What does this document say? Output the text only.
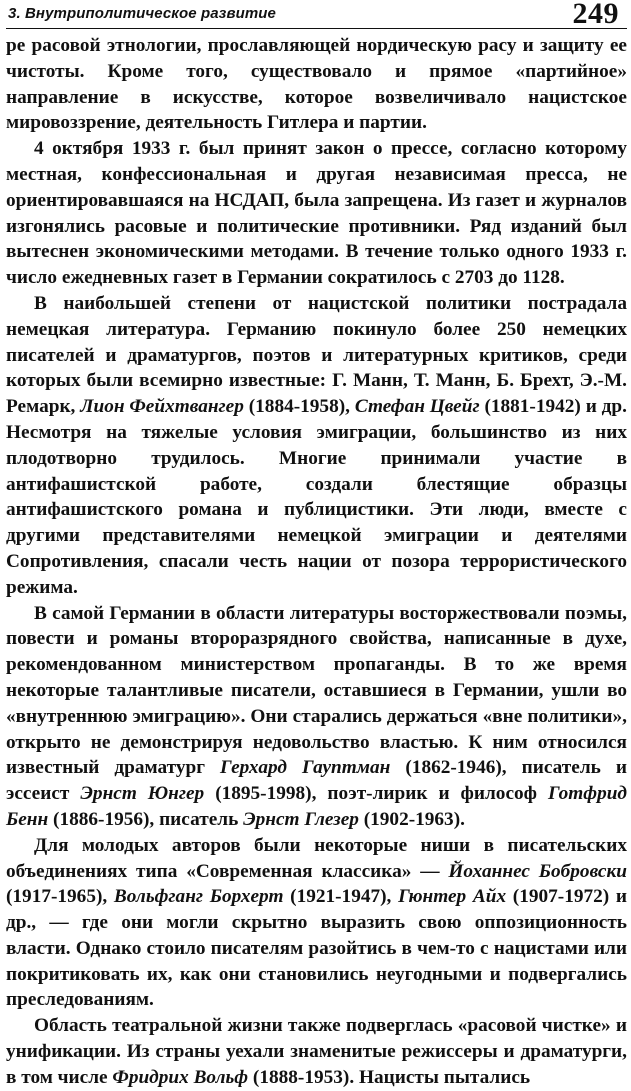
3. Внутриполитическое развитие	249

ре расовой этнологии, прославляющей нордическую расу и защиту ее чистоты. Кроме того, существовало и прямое «партийное» направление в искусстве, которое возвеличивало нацистское мировоззрение, деятельность Гитлера и партии.

4 октября 1933 г. был принят закон о прессе, согласно которому местная, конфессиональная и другая независимая пресса, не ориентировавшаяся на НСДАП, была запрещена. Из газет и журналов изгонялись расовые и политические противники. Ряд изданий был вытеснен экономическими методами. В течение только одного 1933 г. число ежедневных газет в Германии сократилось с 2703 до 1128.

В наибольшей степени от нацистской политики пострадала немецкая литература. Германию покинуло более 250 немецких писателей и драматургов, поэтов и литературных критиков, среди которых были всемирно известные: Г. Манн, Т. Манн, Б. Брехт, Э.-М. Ремарк, Лион Фейхтвангер (1884-1958), Стефан Цвейг (1881-1942) и др. Несмотря на тяжелые условия эмиграции, большинство из них плодотворно трудилось. Многие принимали участие в антифашистской работе, создали блестящие образцы антифашистского романа и публицистики. Эти люди, вместе с другими представителями немецкой эмиграции и деятелями Сопротивления, спасали честь нации от позора террористического режима.

В самой Германии в области литературы восторжествовали поэмы, повести и романы второразрядного свойства, написанные в духе, рекомендованном министерством пропаганды. В то же время некоторые талантливые писатели, оставшиеся в Германии, ушли во «внутреннюю эмиграцию». Они старались держаться «вне политики», открыто не демонстрируя недовольство властью. К ним относился известный драматург Герхард Гауптман (1862-1946), писатель и эссеист Эрнст Юнгер (1895-1998), поэт-лирик и философ Готфрид Бенн (1886-1956), писатель Эрнст Глезер (1902-1963).

Для молодых авторов были некоторые ниши в писательских объединениях типа «Современная классика» — Йоханнес Бобровски (1917-1965), Вольфганг Борхерт (1921-1947), Гюнтер Айх (1907-1972) и др., — где они могли скрытно выразить свою оппозиционность власти. Однако стоило писателям разойтись в чем-то с нацистами или покритиковать их, как они становились неугодными и подвергались преследованиям.

Область театральной жизни также подверглась «расовой чистке» и унификации. Из страны уехали знаменитые режиссеры и драматурги, в том числе Фридрих Вольф (1888-1953). Нацисты пытались
